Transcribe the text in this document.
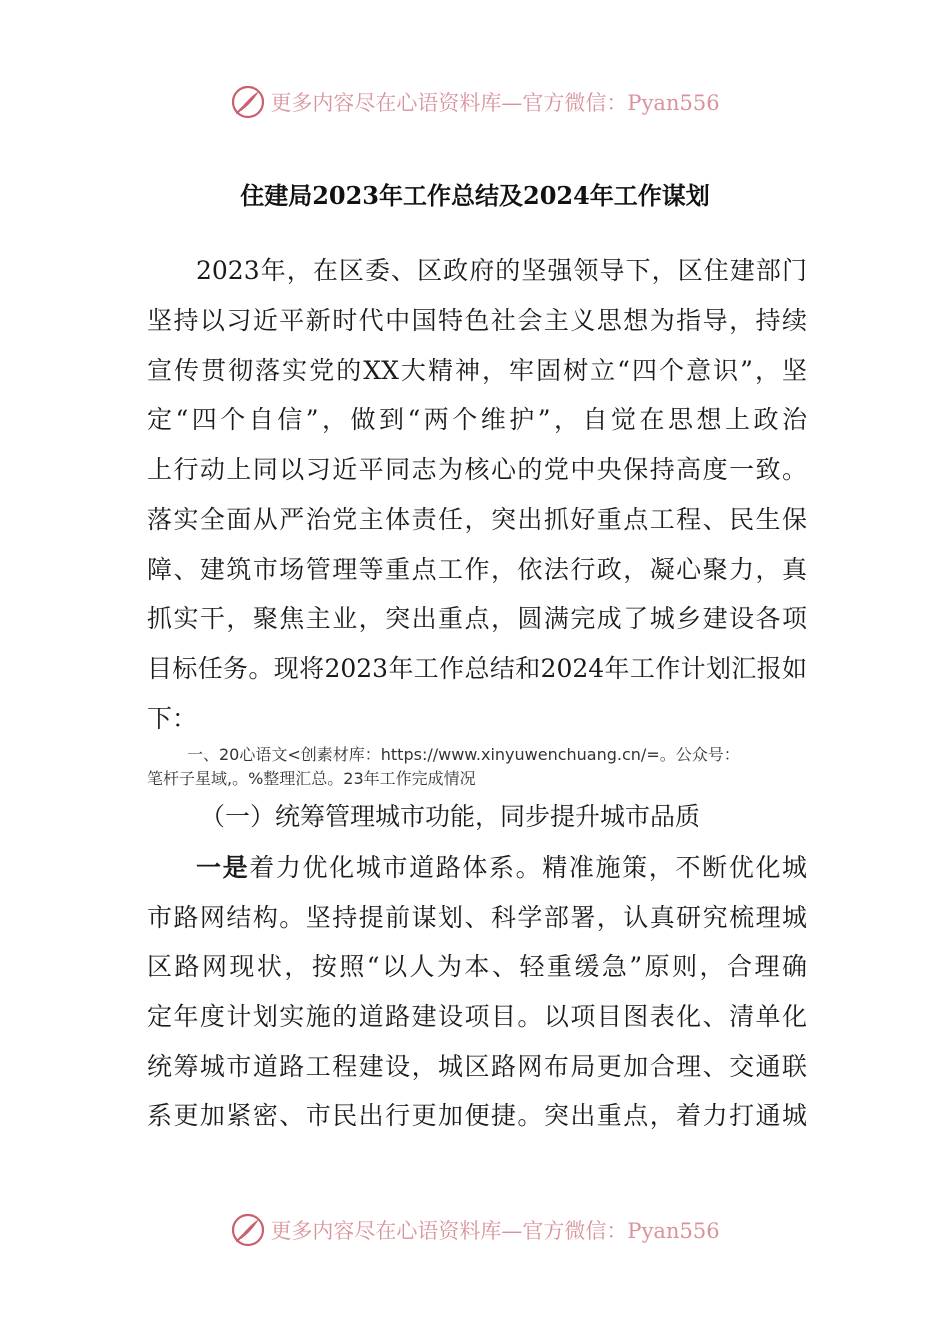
更多内容尽在心语资料库—官方微信：Pyan556
住建局2023年工作总结及2024年工作谋划
2023年，在区委、区政府的坚强领导下，区住建部门
坚持以习近平新时代中国特色社会主义思想为指导，持续
宣传贯彻落实党的XX大精神，牢固树立“四个意识”，坚
定“四个自信”，做到“两个维护”，自觉在思想上政治
上行动上同以习近平同志为核心的党中央保持高度一致。
落实全面从严治党主体责任，突出抓好重点工程、民生保
障、建筑市场管理等重点工作，依法行政，凝心聚力，真
抓实干，聚焦主业，突出重点，圆满完成了城乡建设各项
目标任务。现将2023年工作总结和2024年工作计划汇报如
下：
一、20心语文<创素材库：https://www.xinyuwenchuang.cn/=。公众号：
笔杆子星域,。%整理汇总。23年工作完成情况
（一）统筹管理城市功能，同步提升城市品质
一是着力优化城市道路体系。精准施策，不断优化城
市路网结构。坚持提前谋划、科学部署，认真研究梳理城
区路网现状，按照“以人为本、轻重缓急”原则，合理确
定年度计划实施的道路建设项目。以项目图表化、清单化
统筹城市道路工程建设，城区路网布局更加合理、交通联
系更加紧密、市民出行更加便捷。突出重点，着力打通城
更多内容尽在心语资料库—官方微信：Pyan556
